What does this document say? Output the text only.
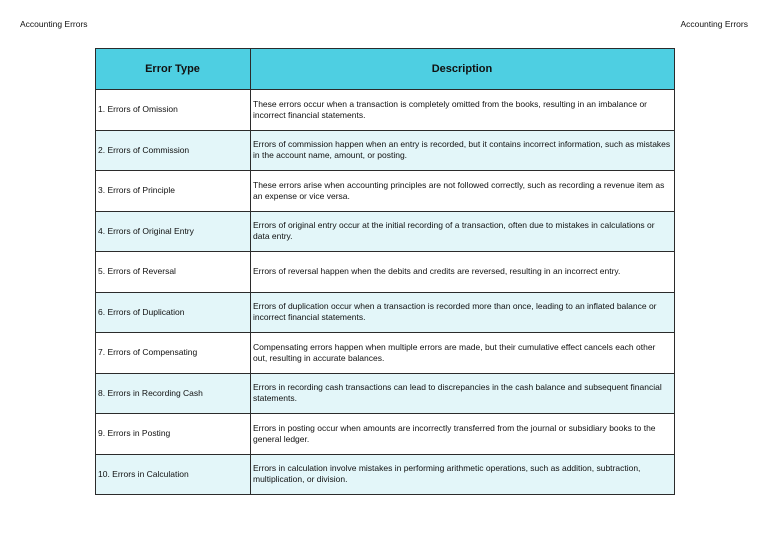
Accounting Errors	Accounting Errors
Error Type	Description
1. Errors of Omission	These errors occur when a transaction is completely omitted from the books, resulting in an imbalance or incorrect financial statements.
2. Errors of Commission	Errors of commission happen when an entry is recorded, but it contains incorrect information, such as mistakes in the account name, amount, or posting.
3. Errors of Principle	These errors arise when accounting principles are not followed correctly, such as recording a revenue item as an expense or vice versa.
4. Errors of Original Entry	Errors of original entry occur at the initial recording of a transaction, often due to mistakes in calculations or data entry.
5. Errors of Reversal	Errors of reversal happen when the debits and credits are reversed, resulting in an incorrect entry.
6. Errors of Duplication	Errors of duplication occur when a transaction is recorded more than once, leading to an inflated balance or incorrect financial statements.
7. Errors of Compensating	Compensating errors happen when multiple errors are made, but their cumulative effect cancels each other out, resulting in accurate balances.
8. Errors in Recording Cash	Errors in recording cash transactions can lead to discrepancies in the cash balance and subsequent financial statements.
9. Errors in Posting	Errors in posting occur when amounts are incorrectly transferred from the journal or subsidiary books to the general ledger.
10. Errors in Calculation	Errors in calculation involve mistakes in performing arithmetic operations, such as addition, subtraction, multiplication, or division.
